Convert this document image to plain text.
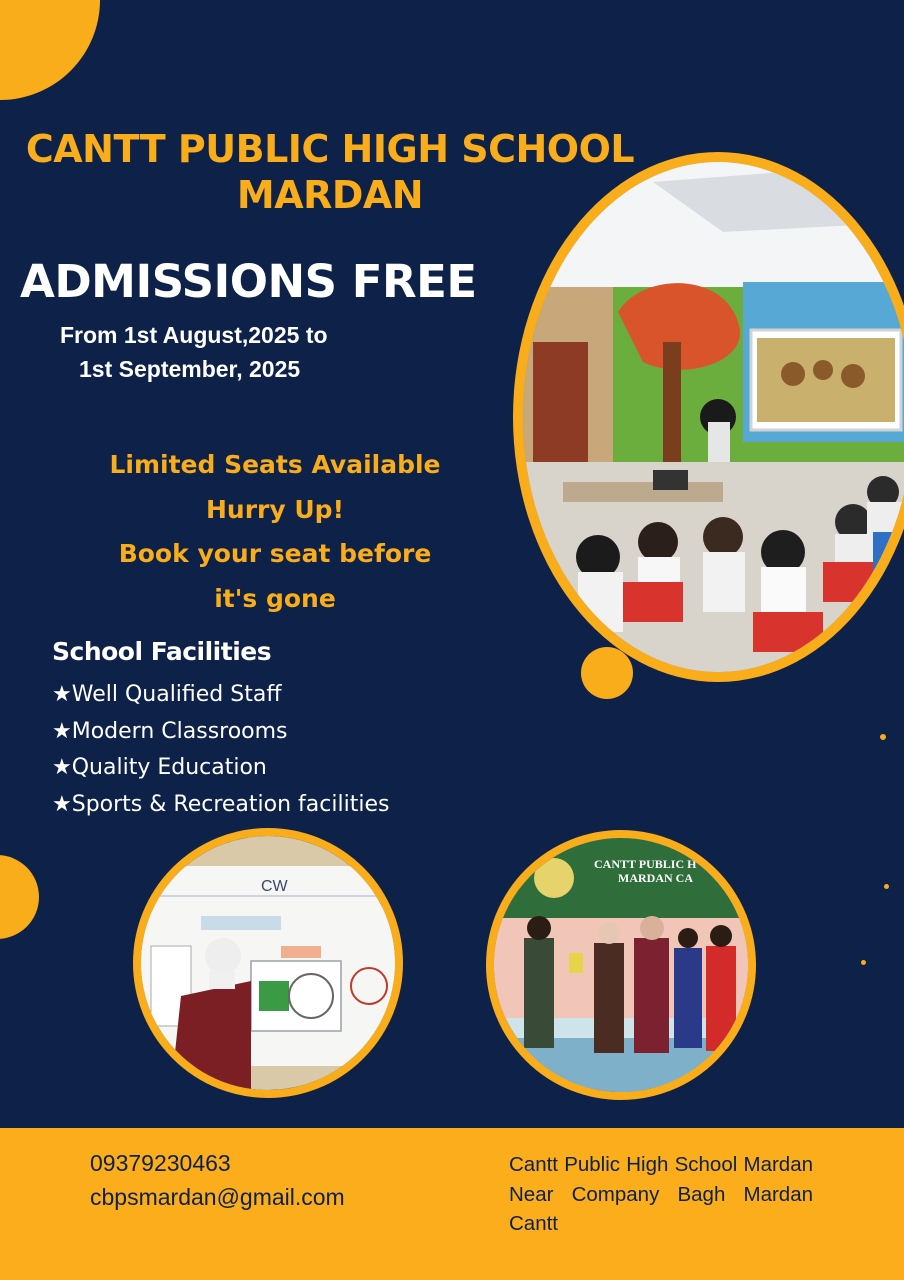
CANTT PUBLIC HIGH SCHOOL
MARDAN
ADMISSIONS FREE
From 1st August,2025 to
1st September, 2025
Limited Seats Available
Hurry Up!
Book your seat before
it's gone
School Facilities
★Well Qualified Staff
★Modern Classrooms
★Quality Education
★Sports & Recreation facilities
CW
CANTT PUBLIC H
MARDAN CA
09379230463
cbpsmardan@gmail.com
Cantt Public High School Mardan Near Company Bagh Mardan Cantt
